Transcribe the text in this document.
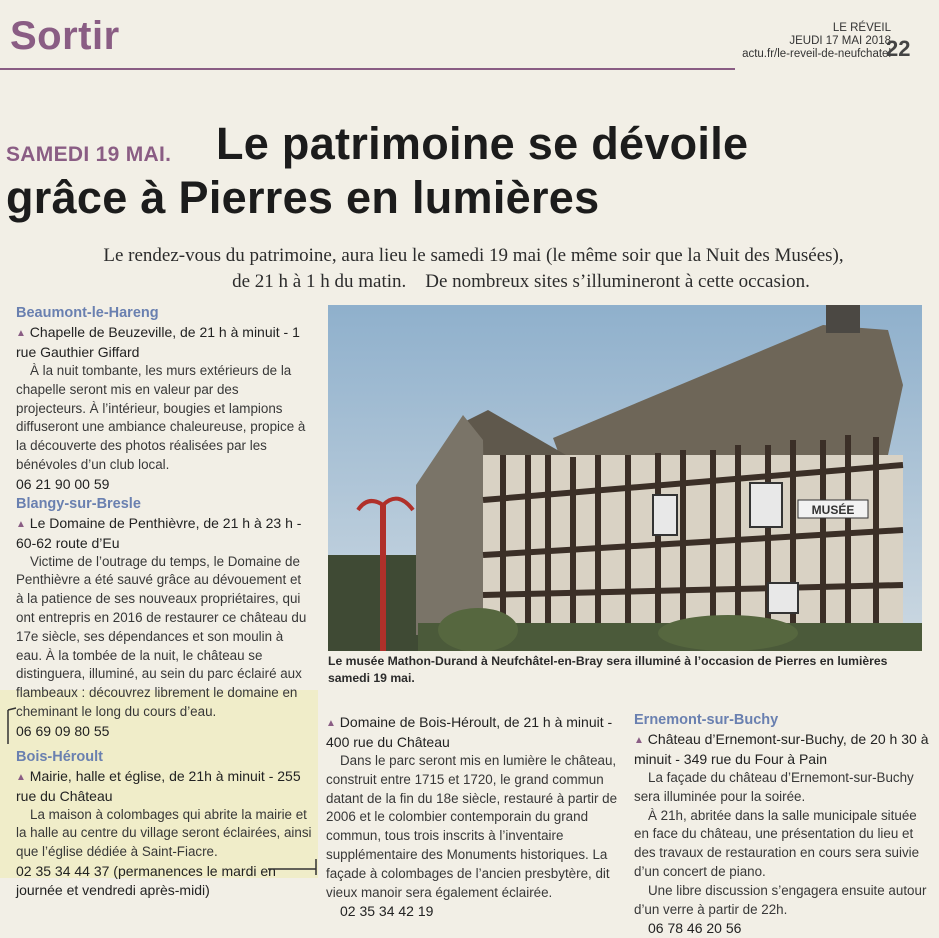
Sortir	LE RÉVEIL
JEUDI 17 MAI 2018
actu.fr/le-reveil-de-neufchatel
22
SAMEDI 19 MAI. Le patrimoine se dévoile
grâce à Pierres en lumières
Le rendez-vous du patrimoine, aura lieu le samedi 19 mai (le même soir que la Nuit des Musées),
de 21 h à 1 h du matin.    De nombreux sites s’illumineront à cette occasion.

Beaumont-le-Hareng

▲ Chapelle de Beuzeville, de 21 h à minuit - 1 rue Gauthier Giffard

À la nuit tombante, les murs extérieurs de la chapelle seront mis en valeur par des projecteurs. À l’intérieur, bougies et lampions diffuseront une ambiance chaleureuse, propice à la découverte des photos réalisées par les bénévoles d’un club local.

06 21 90 00 59

Blangy-sur-Bresle

▲ Le Domaine de Penthièvre, de 21 h à 23 h - 60-62 route d’Eu

Victime de l’outrage du temps, le Domaine de Penthièvre a été sauvé grâce au dévouement et à la patience de ses nouveaux propriétaires, qui ont entrepris en 2016 de restaurer ce château du 17e siècle, ses dépendances et son moulin à eau. À la tombée de la nuit, le château se distinguera, illuminé, au sein du parc éclairé aux flambeaux : découvrez librement le domaine en cheminant le long du cours d’eau.

06 69 09 80 55

Bois-Héroult

▲ Mairie, halle et église, de 21h à minuit - 255 rue du Château

La maison à colombages qui abrite la mairie et la halle au centre du village seront éclairées, ainsi que l’église dédiée à Saint-Fiacre.

02 35 34 44 37 (permanences le mardi en journée et vendredi après-midi)

MUSÉE
Le musée Mathon-Durand à Neufchâtel-en-Bray sera illuminé à l’occasion de Pierres en lumières samedi 19 mai.

▲ Domaine de Bois-Héroult, de 21 h à minuit - 400 rue du Château

Dans le parc seront mis en lumière le château, construit entre 1715 et 1720, le grand commun datant de la fin du 18e siècle, restauré à partir de 2006 et le colombier contemporain du grand commun, tous trois inscrits à l’inventaire supplémentaire des Monuments historiques. La façade à colombages de l’ancien presbytère, dit vieux manoir sera également éclairée.

02 35 34 42 19

Ernemont-sur-Buchy

▲ Château d’Ernemont-sur-Buchy, de 20 h 30 à minuit - 349 rue du Four à Pain

La façade du château d’Ernemont-sur-Buchy sera illuminée pour la soirée.

À 21h, abritée dans la salle municipale située en face du château, une présentation du lieu et des travaux de restauration en cours sera suivie d’un concert de piano.

Une libre discussion s’engagera ensuite autour d’un verre à partir de 22h.

06 78 46 20 56
